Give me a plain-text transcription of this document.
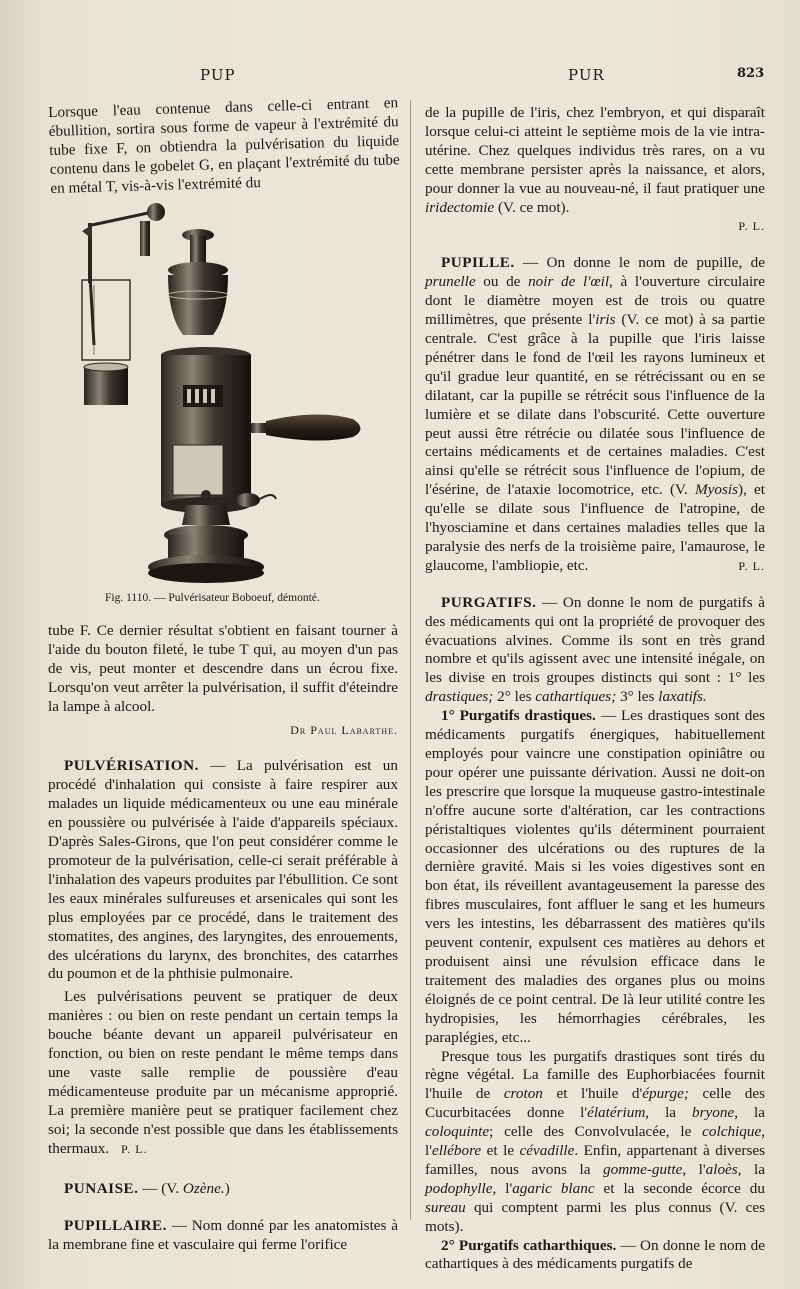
PUP	PUR	823

Lorsque l'eau contenue dans celle-ci entrant en ébullition, sortira sous forme de vapeur à l'extrémité du tube fixe F, on obtiendra la pulvérisation du liquide contenu dans le gobelet G, en plaçant l'extrémité du tube en métal T, vis-à-vis l'extrémité du

Fig. 1110. — Pulvérisateur Boboeuf, démonté.

tube F. Ce dernier résultat s'obtient en faisant tourner à l'aide du bouton fileté, le tube T qui, au moyen d'un pas de vis, peut monter et descendre dans un écrou fixe. Lorsqu'on veut arrêter la pulvérisation, il suffit d'éteindre la lampe à alcool.

Dr Paul Labarthe.

PULVÉRISATION. — La pulvérisation est un procédé d'inhalation qui consiste à faire respirer aux malades un liquide médicamenteux ou une eau minérale en poussière ou pulvérisée à l'aide d'appareils spéciaux. D'après Sales-Girons, que l'on peut considérer comme le promoteur de la pulvérisation, celle-ci serait préférable à l'inhalation des vapeurs produites par l'ébullition. Ce sont les eaux minérales sulfureuses et arsenicales qui sont les plus employées par ce procédé, dans le traitement des stomatites, des angines, des laryngites, des enrouements, des ulcérations du larynx, des bronchites, des catarrhes du poumon et de la phthisie pulmonaire.

Les pulvérisations peuvent se pratiquer de deux manières : ou bien on reste pendant un certain temps la bouche béante devant un appareil pulvérisateur en fonction, ou bien on reste pendant le même temps dans une vaste salle remplie de poussière d'eau médicamenteuse produite par un mécanisme approprié. La première manière peut se pratiquer facilement chez soi; la seconde n'est possible que dans les établissements thermaux. P. L.

PUNAISE. — (V. Ozène.)

PUPILLAIRE. — Nom donné par les anatomistes à la membrane fine et vasculaire qui ferme l'orifice

de la pupille de l'iris, chez l'embryon, et qui disparaît lorsque celui-ci atteint le septième mois de la vie intra-utérine. Chez quelques individus très rares, on a vu cette membrane persister après la naissance, et alors, pour donner la vue au nouveau-né, il faut pratiquer une iridectomie (V. ce mot).

P. L.

PUPILLE. — On donne le nom de pupille, de prunelle ou de noir de l'œil, à l'ouverture circulaire dont le diamètre moyen est de trois ou quatre millimètres, que présente l'iris (V. ce mot) à sa partie centrale. C'est grâce à la pupille que l'iris laisse pénétrer dans le fond de l'œil les rayons lumineux et qu'il gradue leur quantité, en se rétrécissant ou en se dilatant, car la pupille se rétrécit sous l'influence de la lumière et se dilate dans l'obscurité. Cette ouverture peut aussi être rétrécie ou dilatée sous l'influence de certains médicaments et de certaines maladies. C'est ainsi qu'elle se rétrécit sous l'influence de l'opium, de l'ésérine, de l'ataxie locomotrice, etc. (V. Myosis), et qu'elle se dilate sous l'influence de l'atropine, de l'hyosciamine et dans certaines maladies telles que la paralysie des nerfs de la troisième paire, l'amaurose, le glaucome, l'ambliopie, etc.	P. L.

PURGATIFS. — On donne le nom de purgatifs à des médicaments qui ont la propriété de provoquer des évacuations alvines. Comme ils sont en très grand nombre et qu'ils agissent avec une intensité inégale, on les divise en trois groupes distincts qui sont : 1° les drastiques; 2° les cathartiques; 3° les laxatifs.

1° Purgatifs drastiques. — Les drastiques sont des médicaments purgatifs énergiques, habituellement employés pour vaincre une constipation opiniâtre ou pour opérer une puissante dérivation. Aussi ne doit-on les prescrire que lorsque la muqueuse gastro-intestinale n'offre aucune sorte d'altération, car les contractions péristaltiques violentes qu'ils déterminent pourraient occasionner des ulcérations ou des ruptures de la dernière gravité. Mais si les voies digestives sont en bon état, ils réveillent avantageusement la paresse des fibres musculaires, font affluer le sang et les humeurs vers les intestins, les débarrassent des matières qu'ils peuvent contenir, expulsent ces matières au dehors et produisent ainsi une révulsion efficace dans le traitement des maladies des organes plus ou moins éloignés de ce point central. De là leur utilité contre les hydropisies, les hémorrhagies cérébrales, les paraplégies, etc...

Presque tous les purgatifs drastiques sont tirés du règne végétal. La famille des Euphorbiacées fournit l'huile de croton et l'huile d'épurge; celle des Cucurbitacées donne l'élatérium, la bryone, la coloquinte; celle des Convolvulacée, le colchique, l'ellébore et le cévadille. Enfin, appartenant à diverses familles, nous avons la gomme-gutte, l'aloès, la podophylle, l'agaric blanc et la seconde écorce du sureau qui comptent parmi les plus connus (V. ces mots).

2° Purgatifs catharthiques. — On donne le nom de cathartiques à des médicaments purgatifs de
